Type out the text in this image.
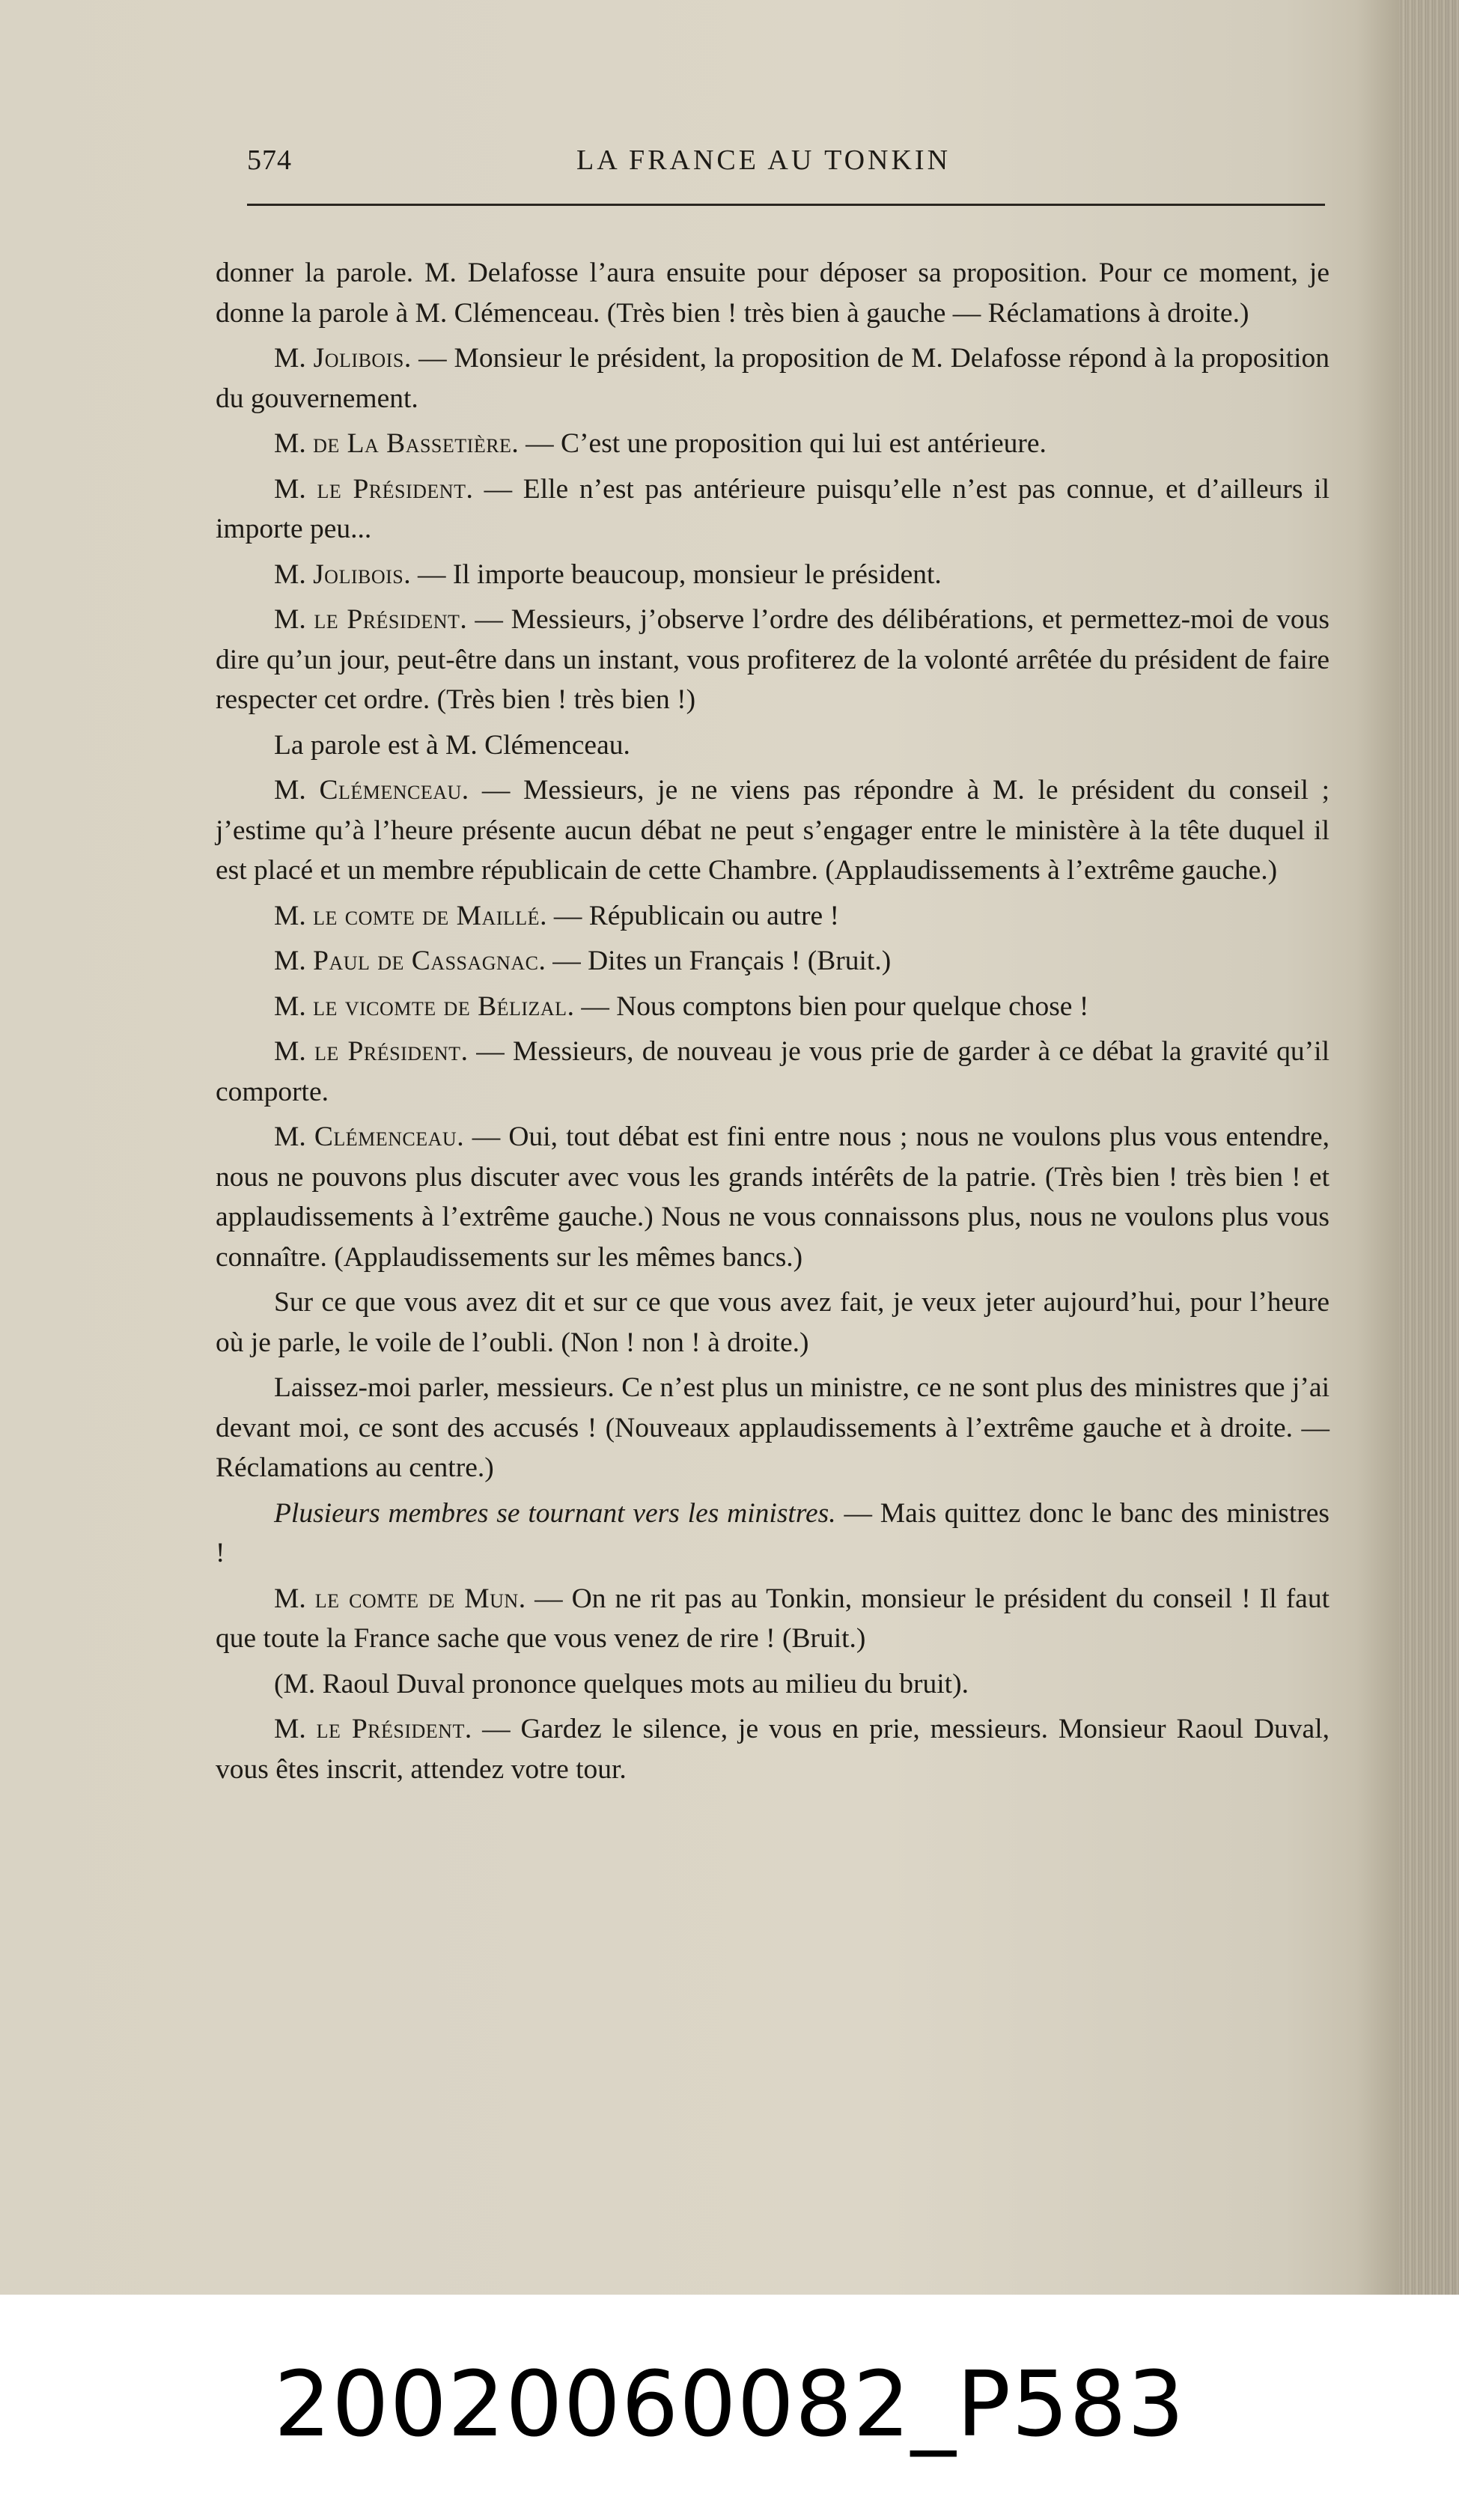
574	LA FRANCE AU TONKIN

donner la parole. M. Delafosse l’aura ensuite pour déposer sa proposition. Pour ce moment, je donne la parole à M. Clémenceau. (Très bien ! très bien à gauche — Réclamations à droite.)

M. Jolibois. — Monsieur le président, la proposition de M. Delafosse répond à la proposition du gouvernement.

M. de La Bassetière. — C’est une proposition qui lui est antérieure.

M. le Président. — Elle n’est pas antérieure puisqu’elle n’est pas connue, et d’ailleurs il importe peu...

M. Jolibois. — Il importe beaucoup, monsieur le président.

M. le Président. — Messieurs, j’observe l’ordre des délibérations, et permettez-moi de vous dire qu’un jour, peut-être dans un instant, vous profiterez de la volonté arrêtée du président de faire respecter cet ordre. (Très bien ! très bien !)

La parole est à M. Clémenceau.

M. Clémenceau. — Messieurs, je ne viens pas répondre à M. le président du conseil ; j’estime qu’à l’heure présente aucun débat ne peut s’engager entre le ministère à la tête duquel il est placé et un membre républicain de cette Chambre. (Applaudissements à l’extrême gauche.)

M. le comte de Maillé. — Républicain ou autre !

M. Paul de Cassagnac. — Dites un Français ! (Bruit.)

M. le vicomte de Bélizal. — Nous comptons bien pour quelque chose !

M. le Président. — Messieurs, de nouveau je vous prie de garder à ce débat la gravité qu’il comporte.

M. Clémenceau. — Oui, tout débat est fini entre nous ; nous ne voulons plus vous entendre, nous ne pouvons plus discuter avec vous les grands intérêts de la patrie. (Très bien ! très bien ! et applaudissements à l’extrême gauche.) Nous ne vous connaissons plus, nous ne voulons plus vous connaître. (Applaudissements sur les mêmes bancs.)

Sur ce que vous avez dit et sur ce que vous avez fait, je veux jeter aujourd’hui, pour l’heure où je parle, le voile de l’oubli. (Non ! non ! à droite.)

Laissez-moi parler, messieurs. Ce n’est plus un ministre, ce ne sont plus des ministres que j’ai devant moi, ce sont des accusés ! (Nouveaux applaudissements à l’extrême gauche et à droite. — Réclamations au centre.)

Plusieurs membres se tournant vers les ministres. — Mais quittez donc le banc des ministres !

M. le comte de Mun. — On ne rit pas au Tonkin, monsieur le président du conseil ! Il faut que toute la France sache que vous venez de rire ! (Bruit.)

(M. Raoul Duval prononce quelques mots au milieu du bruit).

M. le Président. — Gardez le silence, je vous en prie, messieurs. Monsieur Raoul Duval, vous êtes inscrit, attendez votre tour.

20020060082_P583
